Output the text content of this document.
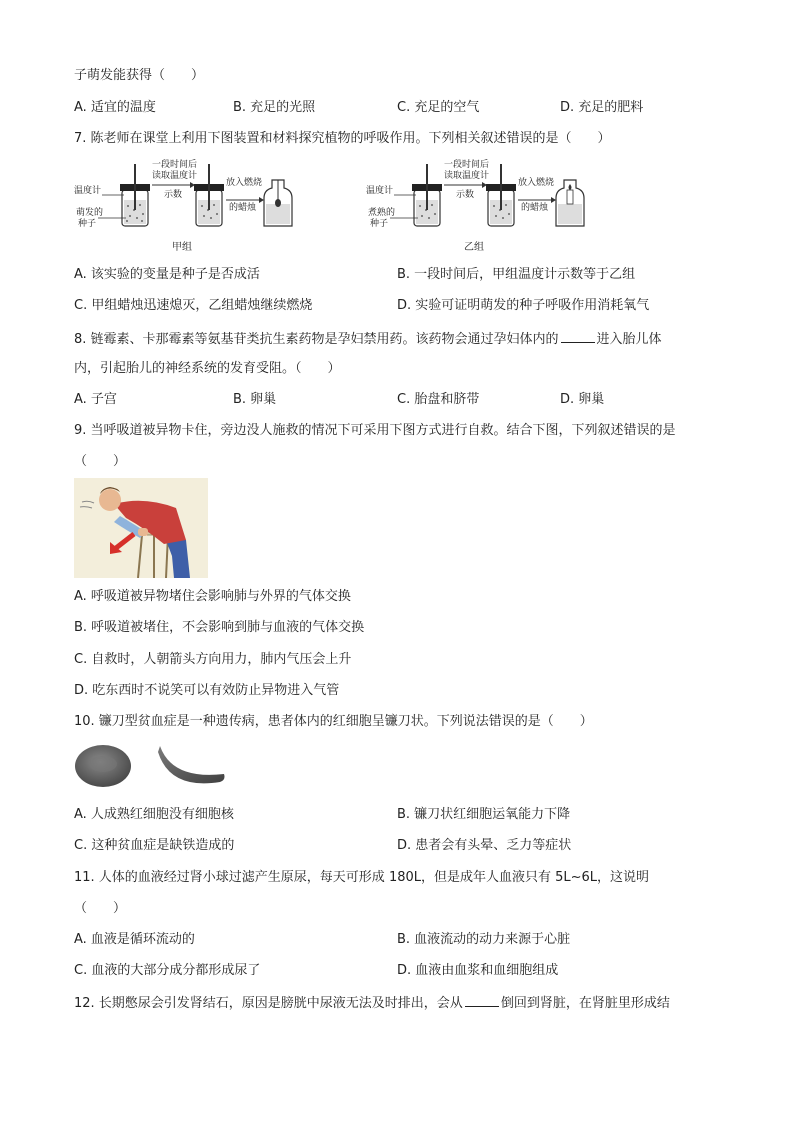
子萌发能获得（　　）
A. 适宜的温度	B. 充足的光照	C. 充足的空气	D. 充足的肥料
7. 陈老师在课堂上利用下图装置和材料探究植物的呼吸作用。下列相关叙述错误的是（　　）
温度计
萌发的
种子
一段时间后
读取温度计
示数
放入燃烧
的蜡烛
甲组
温度计
煮熟的
种子
一段时间后
读取温度计
示数
放入燃烧
的蜡烛
乙组
A. 该实验的变量是种子是否成活	B. 一段时间后，甲组温度计示数等于乙组
C. 甲组蜡烛迅速熄灭，乙组蜡烛继续燃烧	D. 实验可证明萌发的种子呼吸作用消耗氧气
8. 链霉素、卡那霉素等氨基苷类抗生素药物是孕妇禁用药。该药物会通过孕妇体内的	进入胎儿体
内，引起胎儿的神经系统的发育受阻。（　　）
A. 子宫	B. 卵巢	C. 胎盘和脐带	D. 卵巢
9. 当呼吸道被异物卡住，旁边没人施救的情况下可采用下图方式进行自救。结合下图，下列叙述错误的是
（　　）
A. 呼吸道被异物堵住会影响肺与外界的气体交换
B. 呼吸道被堵住，不会影响到肺与血液的气体交换
C. 自救时，人朝箭头方向用力，肺内气压会上升
D. 吃东西时不说笑可以有效防止异物进入气管
10. 镰刀型贫血症是一种遗传病，患者体内的红细胞呈镰刀状。下列说法错误的是（　　）
A. 人成熟红细胞没有细胞核	B. 镰刀状红细胞运氧能力下降
C. 这种贫血症是缺铁造成的	D. 患者会有头晕、乏力等症状
11. 人体的血液经过肾小球过滤产生原尿，每天可形成 180L，但是成年人血液只有 5L~6L，这说明
（　　）
A. 血液是循环流动的	B. 血液流动的动力来源于心脏
C. 血液的大部分成分都形成尿了	D. 血液由血浆和血细胞组成
12. 长期憋尿会引发肾结石，原因是膀胱中尿液无法及时排出，会从	倒回到肾脏，在肾脏里形成结
